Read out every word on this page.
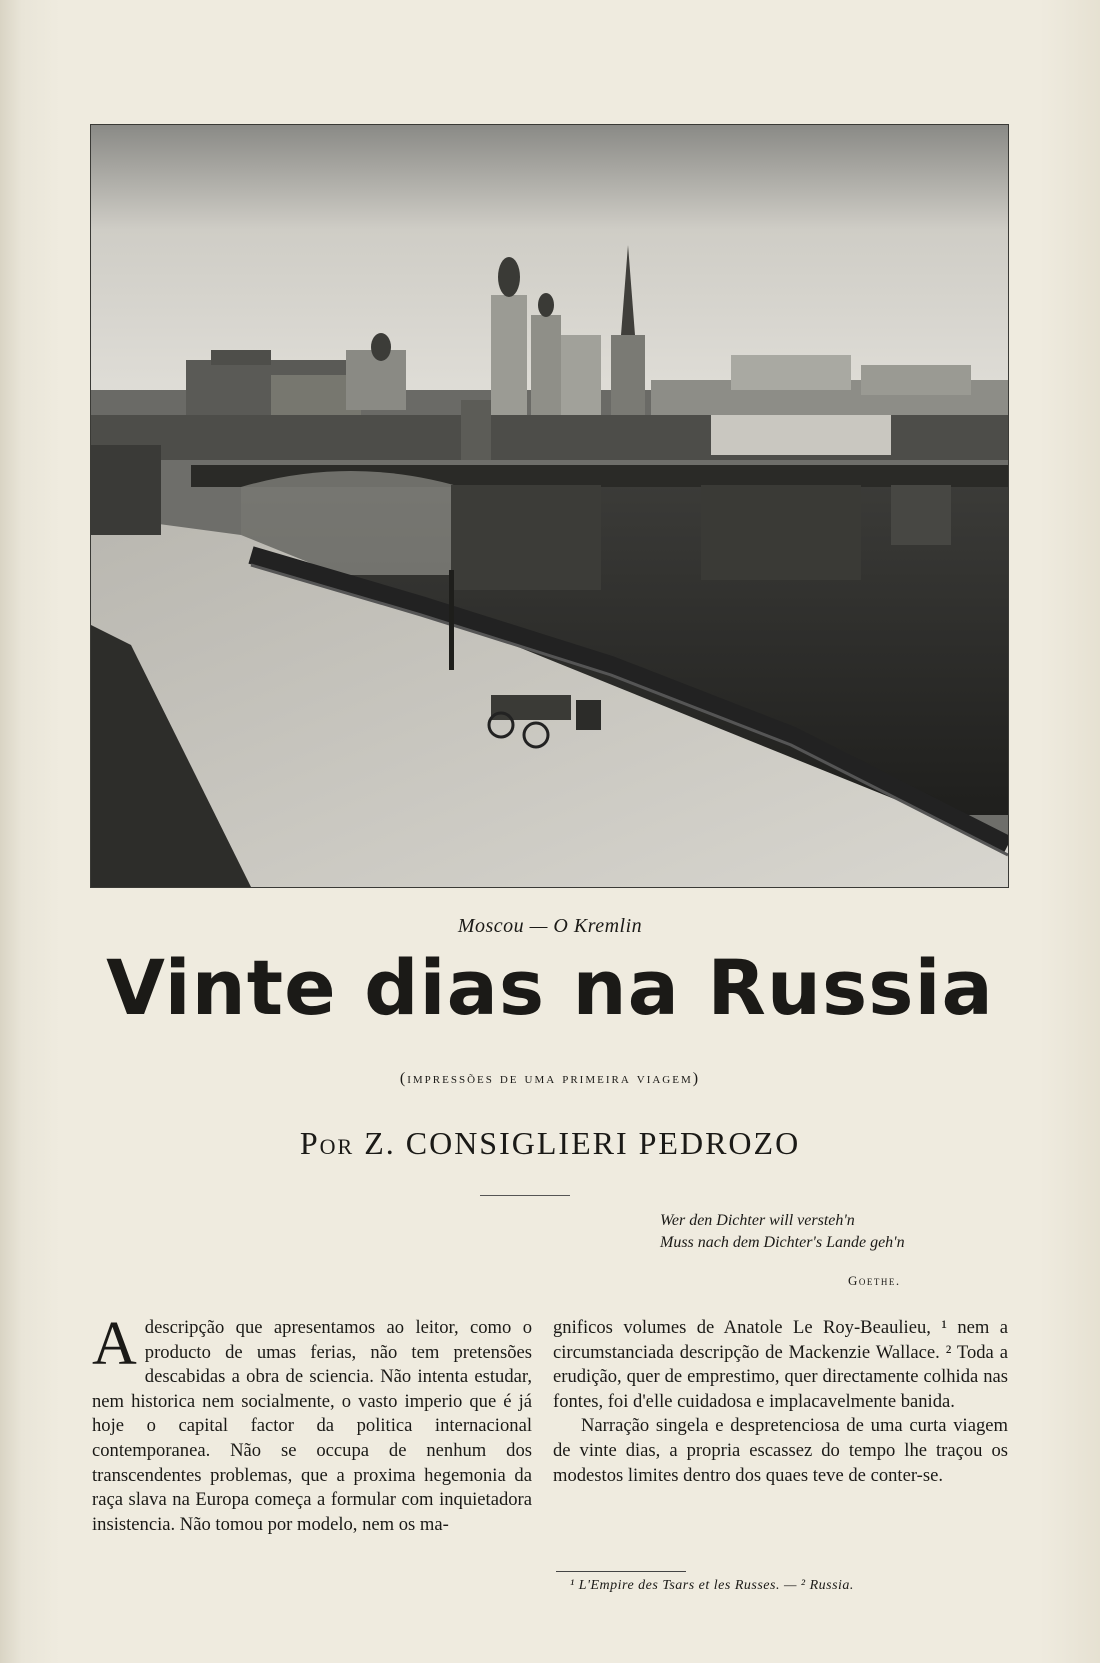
Moscou — O Kremlin
Vinte dias na Russia
(impressões de uma primeira viagem)
Por Z. CONSIGLIERI PEDROZO
Wer den Dichter will versteh'n
Muss nach dem Dichter's Lande geh'n
Goethe.

Adescripção que apresentamos ao leitor, como o producto de umas ferias, não tem pretensões descabidas a obra de sciencia. Não intenta estudar, nem historica nem socialmente, o vasto imperio que é já hoje o capital factor da politica internacional contemporanea. Não se occupa de nenhum dos transcendentes problemas, que a proxima hegemonia da raça slava na Europa começa a formular com inquietadora insistencia. Não tomou por modelo, nem os ma-

gnificos volumes de Anatole Le Roy-Beaulieu, ¹ nem a circumstanciada descripção de Mackenzie Wallace. ² Toda a erudição, quer de emprestimo, quer directamente colhida nas fontes, foi d'elle cuidadosa e implacavelmente banida.

Narração singela e despretenciosa de uma curta viagem de vinte dias, a propria escassez do tempo lhe traçou os modestos limites dentro dos quaes teve de conter-se.

¹ L'Empire des Tsars et les Russes. — ² Russia.
